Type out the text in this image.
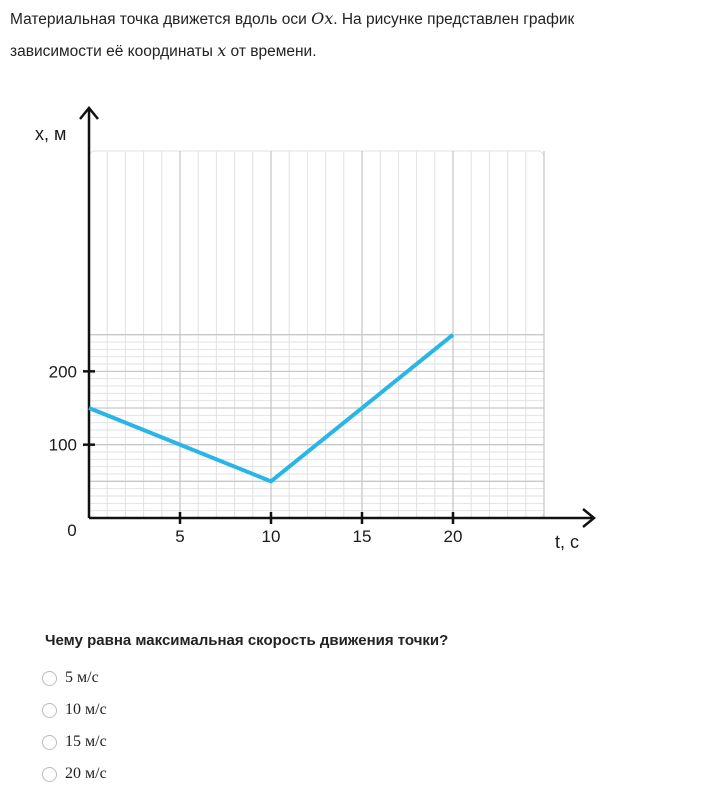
Материальная точка движется вдоль оси Ox. На рисунке представлен график
зависимости её координаты x от времени.
5	10	15	20
100
200
0
x, м
t, с
Чему равна максимальная скорость движения точки?
5 м/с
10 м/с
15 м/с
20 м/с
